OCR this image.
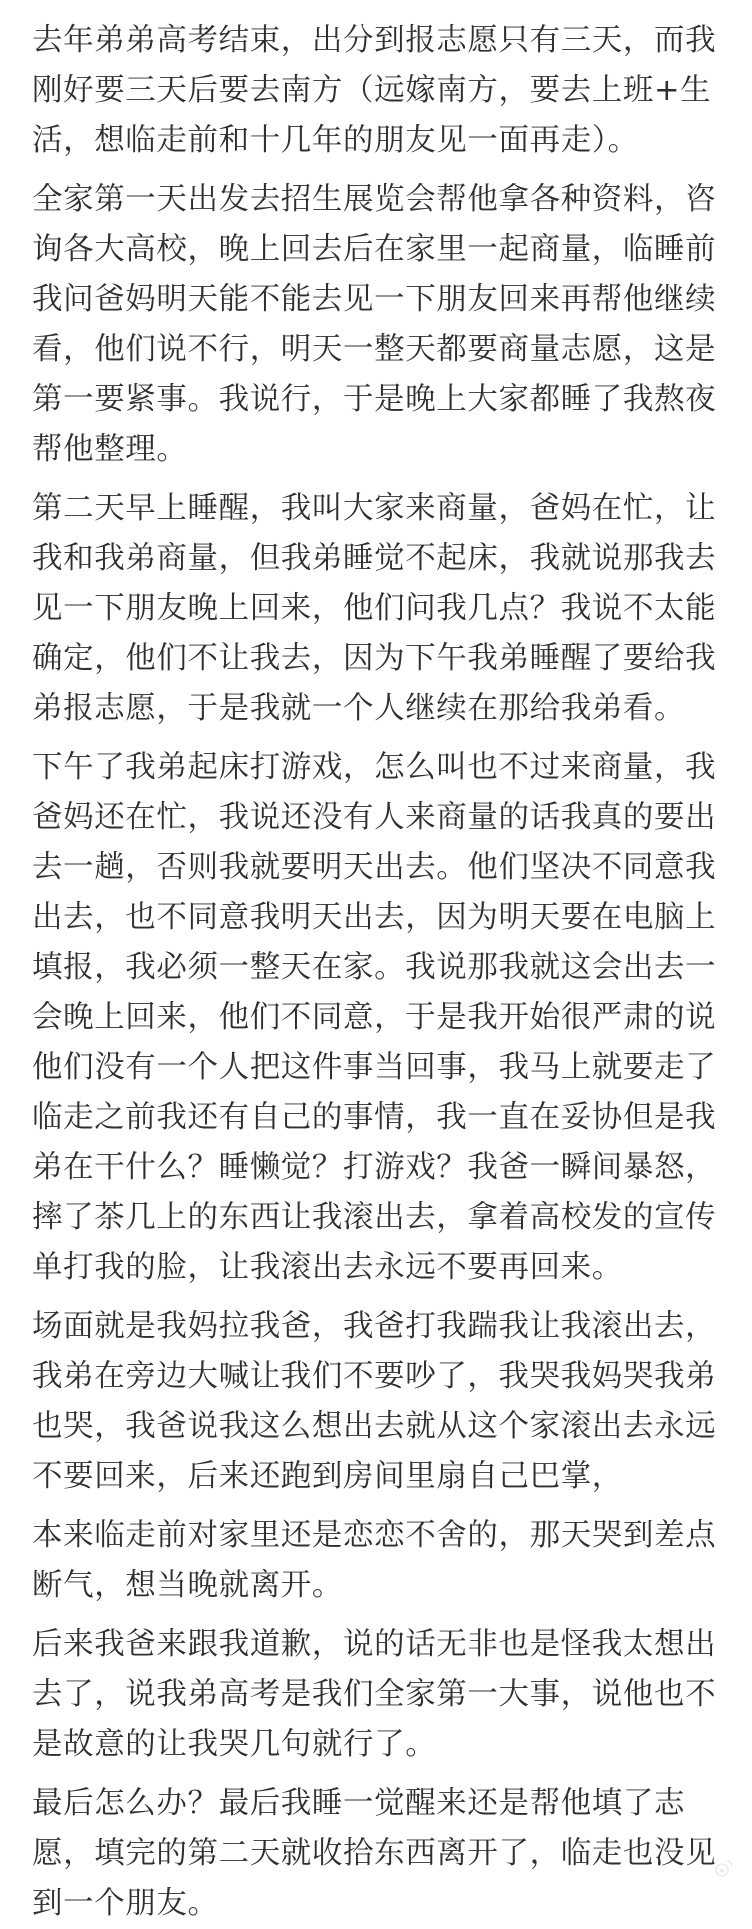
去年弟弟高考结束，出分到报志愿只有三天，而我刚好要三天后要去南方（远嫁南方，要去上班+生活，想临走前和十几年的朋友见一面再走）。

全家第一天出发去招生展览会帮他拿各种资料，咨询各大高校，晚上回去后在家里一起商量，临睡前我问爸妈明天能不能去见一下朋友回来再帮他继续看，他们说不行，明天一整天都要商量志愿，这是第一要紧事。我说行，于是晚上大家都睡了我熬夜帮他整理。

第二天早上睡醒，我叫大家来商量，爸妈在忙，让我和我弟商量，但我弟睡觉不起床，我就说那我去见一下朋友晚上回来，他们问我几点？我说不太能确定，他们不让我去，因为下午我弟睡醒了要给我弟报志愿，于是我就一个人继续在那给我弟看。

下午了我弟起床打游戏，怎么叫也不过来商量，我爸妈还在忙，我说还没有人来商量的话我真的要出去一趟，否则我就要明天出去。他们坚决不同意我出去，也不同意我明天出去，因为明天要在电脑上填报，我必须一整天在家。我说那我就这会出去一会晚上回来，他们不同意，于是我开始很严肃的说他们没有一个人把这件事当回事，我马上就要走了临走之前我还有自己的事情，我一直在妥协但是我弟在干什么？睡懒觉？打游戏？我爸一瞬间暴怒，摔了茶几上的东西让我滚出去，拿着高校发的宣传单打我的脸，让我滚出去永远不要再回来。

场面就是我妈拉我爸，我爸打我踹我让我滚出去，我弟在旁边大喊让我们不要吵了，我哭我妈哭我弟也哭，我爸说我这么想出去就从这个家滚出去永远不要回来，后来还跑到房间里扇自己巴掌，

本来临走前对家里还是恋恋不舍的，那天哭到差点断气，想当晚就离开。

后来我爸来跟我道歉，说的话无非也是怪我太想出去了，说我弟高考是我们全家第一大事，说他也不是故意的让我哭几句就行了。

最后怎么办？最后我睡一觉醒来还是帮他填了志愿，填完的第二天就收拾东西离开了，临走也没见到一个朋友。
